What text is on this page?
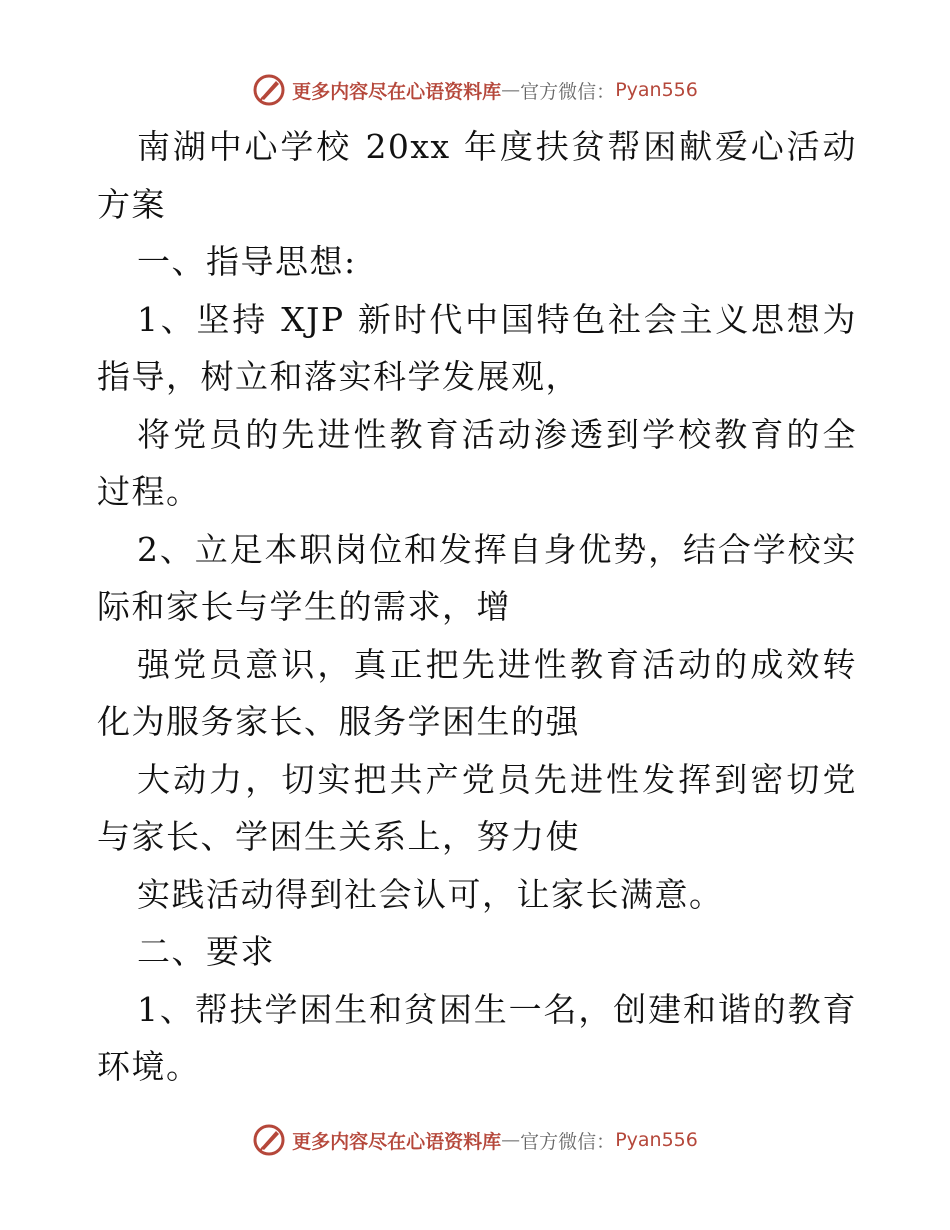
更多内容尽在心语资料库 — 官方微信： Pyan556

南湖中心学校 20xx 年度扶贫帮困献爱心活动方案

一、指导思想:

1、坚持 XJP 新时代中国特色社会主义思想为指导，树立和落实科学发展观，

将党员的先进性教育活动渗透到学校教育的全过程。

2、立足本职岗位和发挥自身优势，结合学校实际和家长与学生的需求，增

强党员意识，真正把先进性教育活动的成效转化为服务家长、服务学困生的强

大动力，切实把共产党员先进性发挥到密切党与家长、学困生关系上，努力使

实践活动得到社会认可，让家长满意。

二、要求

1、帮扶学困生和贫困生一名，创建和谐的教育环境。

更多内容尽在心语资料库 — 官方微信： Pyan556
